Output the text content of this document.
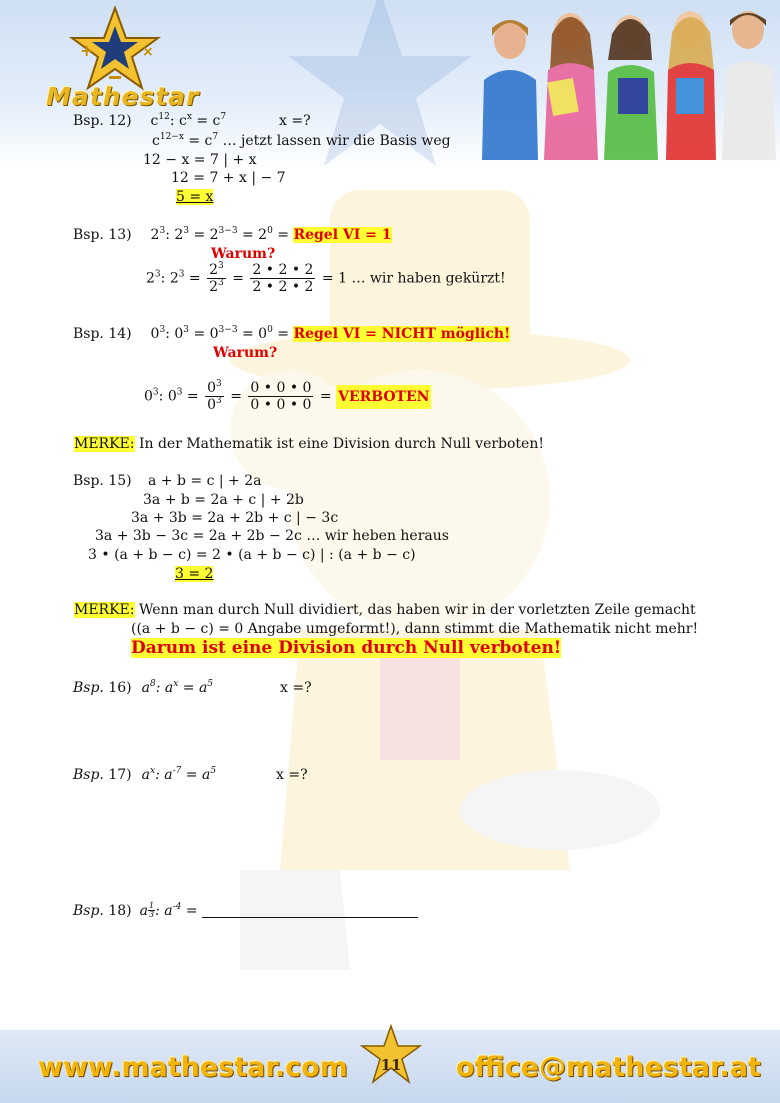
+	×
Mathestar
Bsp. 12) $c^{12}$: $c^x = c^7$	x =?
$c^{12-x} = c^7$ … jetzt lassen wir die Basis weg
12 − x = 7 | + x
12 = 7 + x | − 7
5 = x
Bsp. 13) $2^3$: $2^3 = 2^{3-3} = 2^0$ = Regel VI = 1
Warum?
$2^3$: $2^3 = \frac{2^3}{2^3} = \frac{2 • 2 • 2}{2 • 2 • 2} = 1$ … wir haben gekürzt!
Bsp. 14) $0^3$: $0^3 = 0^{3-3} = 0^0$ = Regel VI = NICHT möglich!
Warum?
$0^3$: $0^3 = \frac{0^3}{0^3} = \frac{0 • 0 • 0}{0 • 0 • 0}$ = VERBOTEN
MERKE: In der Mathematik ist eine Division durch Null verboten!
Bsp. 15) a + b = c | + 2a
3a + b = 2a + c | + 2b
3a + 3b = 2a + 2b + c | − 3c
3a + 3b − 3c = 2a + 2b − 2c … wir heben heraus
3 • (a + b − c) = 2 • (a + b − c) | : (a + b − c)
3 = 2
MERKE: Wenn man durch Null dividiert, das haben wir in der vorletzten Zeile gemacht
((a + b − c) = 0 Angabe umgeformt!), dann stimmt die Mathematik nicht mehr!
Darum ist eine Division durch Null verboten!
Bsp. 16) $a^8$: $a^x = a^5$	x =?
Bsp. 17) $a^x$: $a^{-7} = a^5$	x =?
Bsp. 18) a $\frac{1}{3}$ : $a^{-4}$ =
www.mathestar.com	office@mathestar.at
11
